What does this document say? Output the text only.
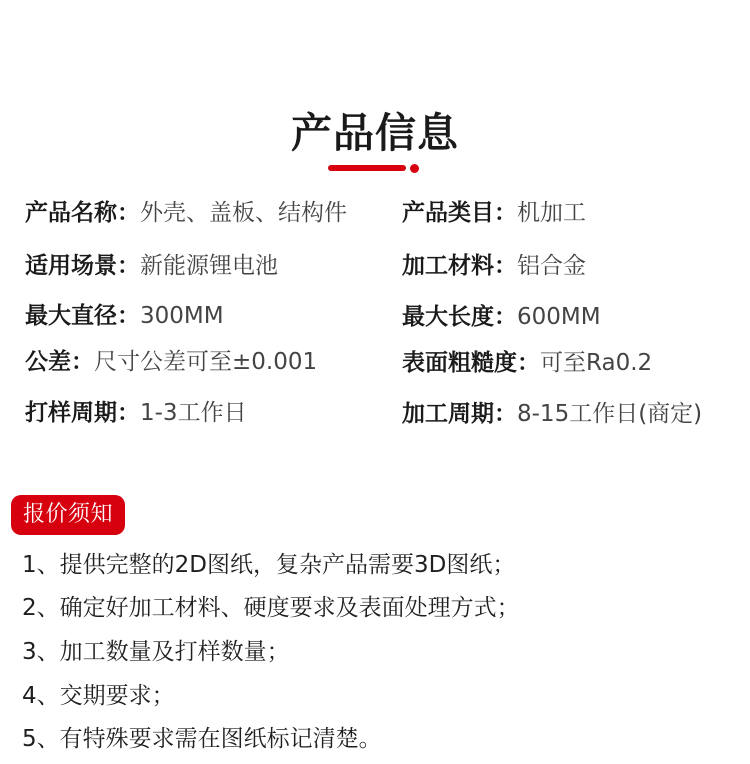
产品信息
产品名称：外壳、盖板、结构件 产品类目：机加工
适用场景：新能源锂电池	加工材料：铝合金
最大直径：300MM	最大长度：600MM
公差：尺寸公差可至±0.001	表面粗糙度：可至Ra0.2
打样周期：1-3工作日	加工周期：8-15工作日(商定)
报价须知
1、提供完整的2D图纸，复杂产品需要3D图纸；
2、确定好加工材料、硬度要求及表面处理方式；
3、加工数量及打样数量；
4、交期要求；
5、有特殊要求需在图纸标记清楚。
